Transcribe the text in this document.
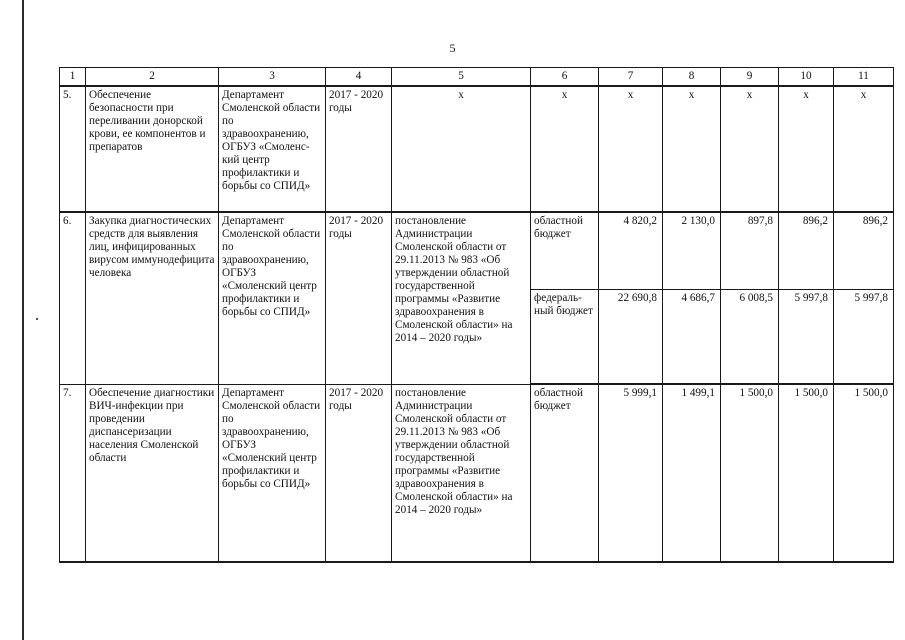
5
1	2	3	4	5	6	7	8	9	10	11
5.	Обеспечение безопасности при переливании донорской крови, ее компонентов и препаратов	Департамент Смоленской области по здравоохранению, ОГБУЗ «Смоленс-кий центр профилактики и борьбы со СПИД»	2017 - 2020 годы	х	х	х	х	х	х	х
6.	Закупка диагностических средств для выявления лиц, инфицированных вирусом иммунодефицита человека	Департамент Смоленской области по здравоохранению, ОГБУЗ «Смоленский центр профилактики и борьбы со СПИД»	2017 - 2020 годы	постановление Администрации Смоленской области от 29.11.2013 № 983 «Об утверждении областной государственной программы «Развитие здравоохранения в Смоленской области» на 2014 – 2020 годы»	областной бюджет	4 820,2	2 130,0	897,8	896,2	896,2
					федераль-ный бюджет	22 690,8	4 686,7	6 008,5	5 997,8	5 997,8
7.	Обеспечение диагностики ВИЧ-инфекции при проведении диспансеризации населения Смоленской области	Департамент Смоленской области по здравоохранению, ОГБУЗ «Смоленский центр профилактики и борьбы со СПИД»	2017 - 2020 годы	постановление Администрации Смоленской области от 29.11.2013 № 983 «Об утверждении областной государственной программы «Развитие здравоохранения в Смоленской области» на 2014 – 2020 годы»	областной бюджет	5 999,1	1 499,1	1 500,0	1 500,0	1 500,0
